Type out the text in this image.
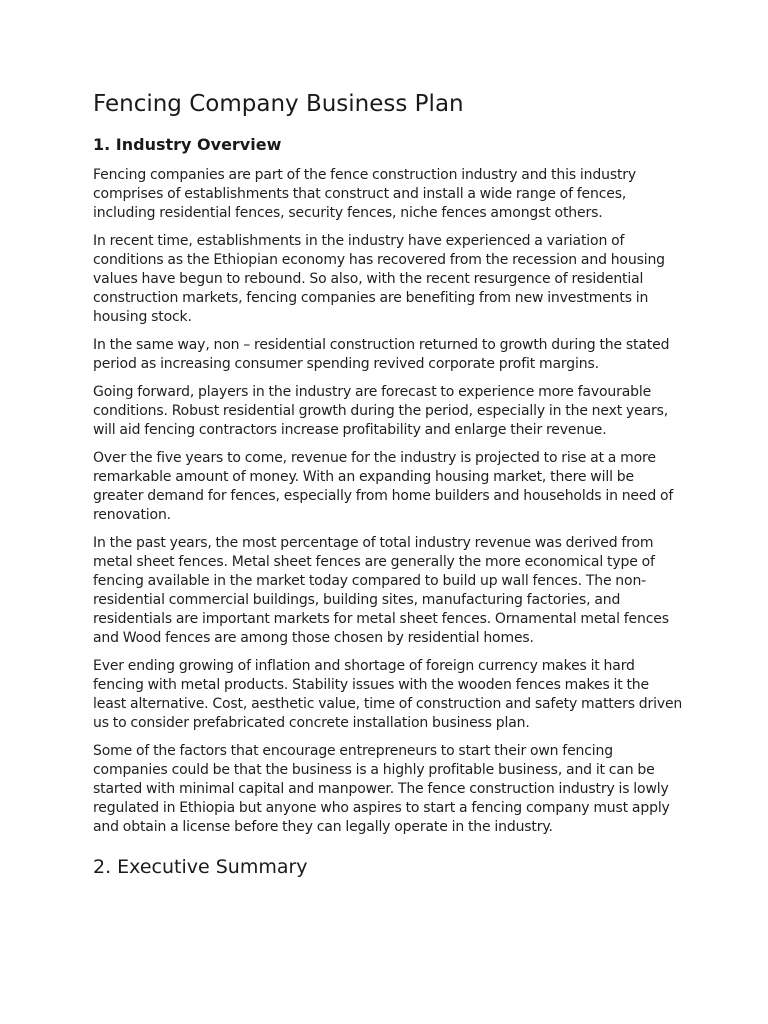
Fencing Company Business Plan
1. Industry Overview

Fencing companies are part of the fence construction industry and this industry comprises of establishments that construct and install a wide range of fences, including residential fences, security fences, niche fences amongst others.

In recent time, establishments in the industry have experienced a variation of conditions as the Ethiopian economy has recovered from the recession and housing values have begun to rebound. So also, with the recent resurgence of residential construction markets, fencing companies are benefiting from new investments in housing stock.

In the same way, non – residential construction returned to growth during the stated period as increasing consumer spending revived corporate profit margins.

Going forward, players in the industry are forecast to experience more favourable conditions. Robust residential growth during the period, especially in the next years, will aid fencing contractors increase profitability and enlarge their revenue.

Over the five years to come, revenue for the industry is projected to rise at a more remarkable amount of money. With an expanding housing market, there will be greater demand for fences, especially from home builders and households in need of renovation.

In the past years, the most percentage of total industry revenue was derived from metal sheet fences. Metal sheet fences are generally the more economical type of fencing available in the market today compared to build up wall fences. The non-residential commercial buildings, building sites, manufacturing factories, and residentials are important markets for metal sheet fences. Ornamental metal fences and Wood fences are among those chosen by residential homes.

Ever ending growing of inflation and shortage of foreign currency makes it hard fencing with metal products. Stability issues with the wooden fences makes it the least alternative. Cost, aesthetic value, time of construction and safety matters driven us to consider prefabricated concrete installation business plan.

Some of the factors that encourage entrepreneurs to start their own fencing companies could be that the business is a highly profitable business, and it can be started with minimal capital and manpower. The fence construction industry is lowly regulated in Ethiopia but anyone who aspires to start a fencing company must apply and obtain a license before they can legally operate in the industry.

2. Executive Summary
